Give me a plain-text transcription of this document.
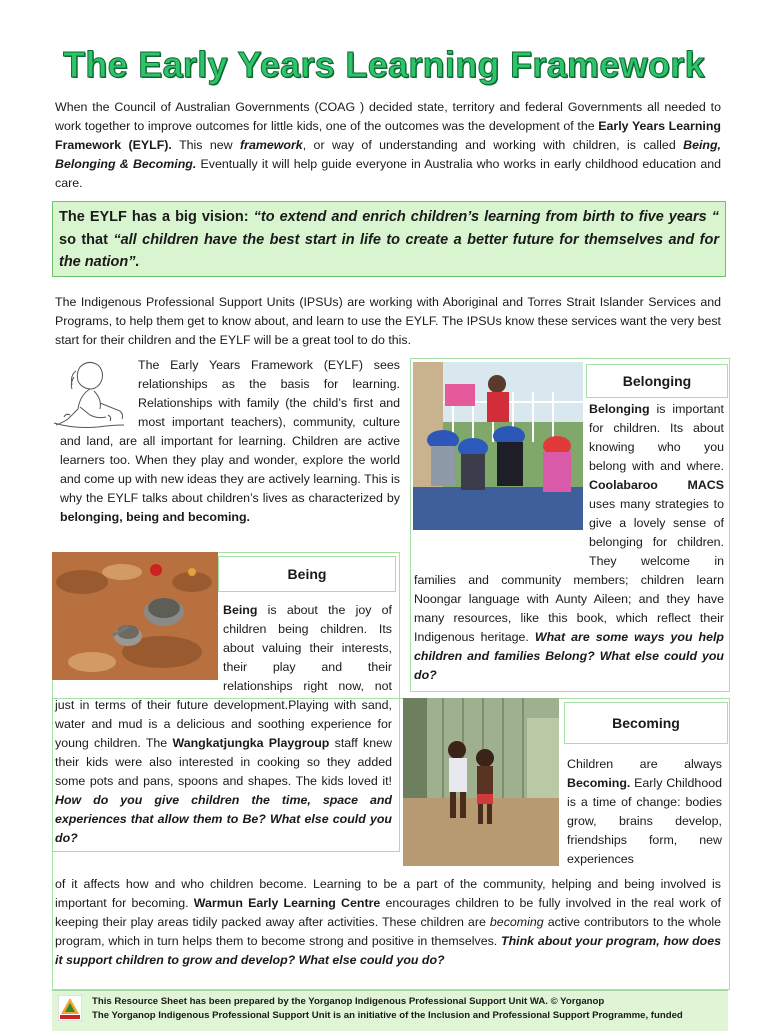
The Early Years Learning Framework

When the Council of Australian Governments (COAG ) decided state, territory and federal Governments all needed to work together to improve outcomes for little kids, one of the outcomes was the development of the Early Years Learning Framework (EYLF). This new framework, or way of understanding and working with children, is called Being, Belonging & Becoming. Eventually it will help guide everyone in Australia who works in early childhood education and care.

The EYLF has a big vision: “to extend and enrich children’s learning from birth to five years “ so that “all children have the best start in life to create a better future for themselves and for the nation”.

The Indigenous Professional Support Units (IPSUs) are working with Aboriginal and Torres Strait Islander Services and Programs, to help them get to know about, and learn to use the EYLF. The IPSUs know these services want the very best start for their children and the EYLF will be a great tool to do this.

The Early Years Framework (EYLF) sees relationships as the basis for learning. Relationships with family (the child’s first and most important teachers), community, culture and land, are all important for learning. Children are active learners too. When they play and wonder, explore the world and come up with new ideas they are actively learning. This is why the EYLF talks about children’s lives as characterized by belonging, being and becoming.

Belonging

Belonging is important for children. Its about knowing who you belong with and where. Coolabaroo MACS uses many strategies to give a lovely sense of belonging for children. They welcome in families and community members; children learn Noongar language with Aunty Aileen; and they have many resources, like this book, which reflect their Indigenous heritage. What are some ways you help children and families Belong? What else could you do?

Being

Being is about the joy of children being children. Its about valuing their interests, their play and their relationships right now, not just in terms of their future development.Playing with sand, water and mud is a delicious and soothing experience for young children. The Wangkatjungka Playgroup staff knew their kids were also interested in cooking so they added some pots and pans, spoons and shapes. The kids loved it! How do you give children the time, space and experiences that allow them to Be? What else could you do?

Becoming

Children are always Becoming. Early Childhood is a time of change: bodies grow, brains develop, friendships form, new experiences

of it affects how and who children become. Learning to be a part of the community, helping and being involved is important for becoming. Warmun Early Learning Centre encourages children to be fully involved in the real work of keeping their play areas tidily packed away after activities. These children are becoming active contributors to the whole program, which in turn helps them to become strong and positive in themselves. Think about your program, how does it support children to grow and develop? What else could you do?

This Resource Sheet has been prepared by the Yorganop Indigenous Professional Support Unit WA. © Yorganop
The Yorganop Indigenous Professional Support Unit is an initiative of the Inclusion and Professional Support Programme, funded
